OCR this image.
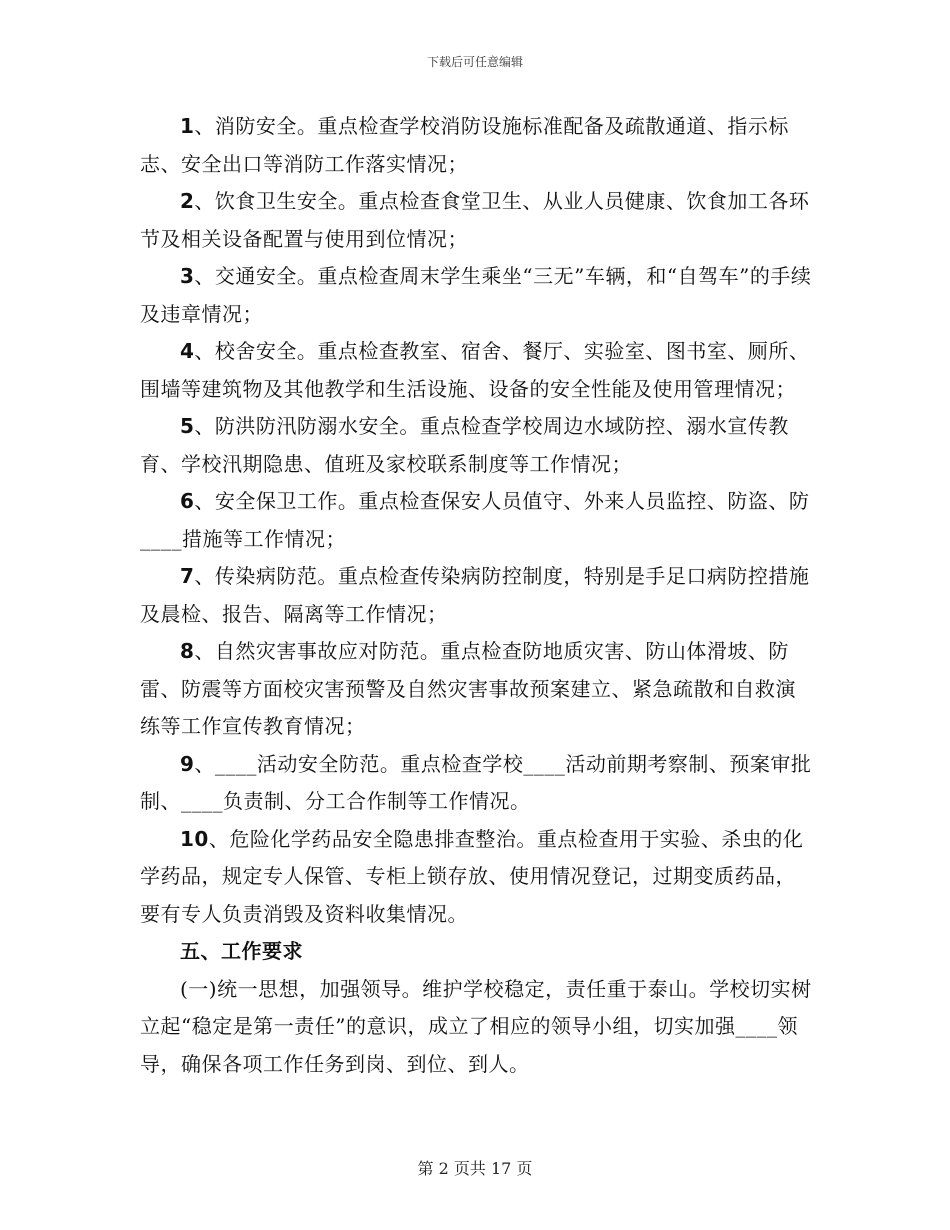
下载后可任意编辑

1、消防安全。重点检查学校消防设施标准配备及疏散通道、指示标志、安全出口等消防工作落实情况；

2、饮食卫生安全。重点检查食堂卫生、从业人员健康、饮食加工各环节及相关设备配置与使用到位情况；

3、交通安全。重点检查周末学生乘坐“三无”车辆，和“自驾车”的手续及违章情况；

4、校舍安全。重点检查教室、宿舍、餐厅、实验室、图书室、厕所、围墙等建筑物及其他教学和生活设施、设备的安全性能及使用管理情况；

5、防洪防汛防溺水安全。重点检查学校周边水域防控、溺水宣传教育、学校汛期隐患、值班及家校联系制度等工作情况；

6、安全保卫工作。重点检查保安人员值守、外来人员监控、防盗、防____措施等工作情况；

7、传染病防范。重点检查传染病防控制度，特别是手足口病防控措施及晨检、报告、隔离等工作情况；

8、自然灾害事故应对防范。重点检查防地质灾害、防山体滑坡、防雷、防震等方面校灾害预警及自然灾害事故预案建立、紧急疏散和自救演练等工作宣传教育情况；

9、____活动安全防范。重点检查学校____活动前期考察制、预案审批制、____负责制、分工合作制等工作情况。

10、危险化学药品安全隐患排查整治。重点检查用于实验、杀虫的化学药品，规定专人保管、专柜上锁存放、使用情况登记，过期变质药品，要有专人负责消毁及资料收集情况。

五、工作要求

(一)统一思想，加强领导。维护学校稳定，责任重于泰山。学校切实树立起“稳定是第一责任”的意识，成立了相应的领导小组，切实加强____领导，确保各项工作任务到岗、到位、到人。

第 2 页共 17 页
